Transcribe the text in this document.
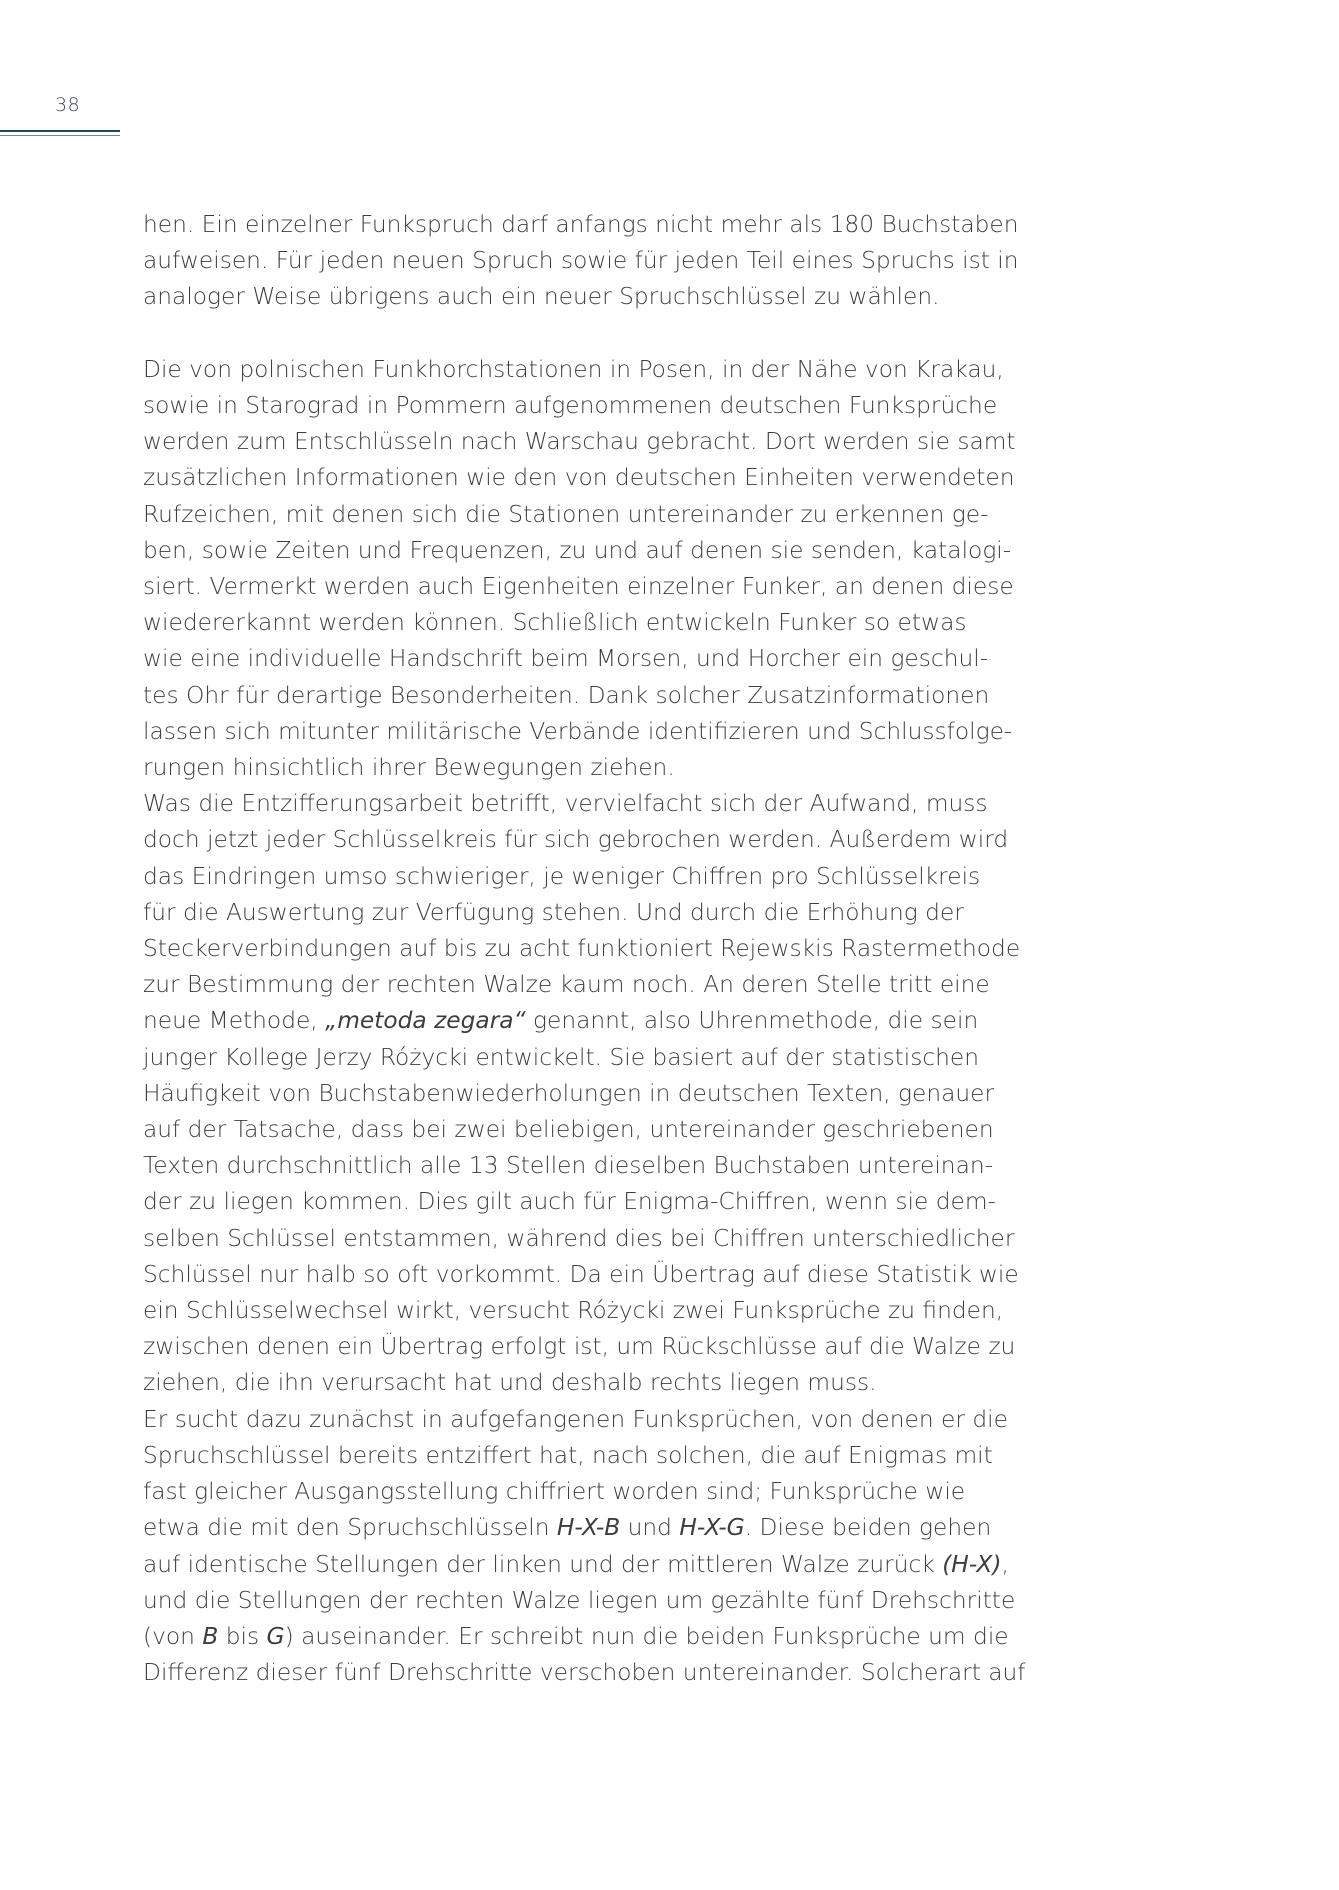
38
hen. Ein einzelner Funkspruch darf anfangs nicht mehr als 180 Buchstaben
aufweisen. Für jeden neuen Spruch sowie für jeden Teil eines Spruchs ist in
analoger Weise übrigens auch ein neuer Spruchschlüssel zu wählen.
Die von polnischen Funkhorchstationen in Posen, in der Nähe von Krakau,
sowie in Starograd in Pommern aufgenommenen deutschen Funksprüche
werden zum Entschlüsseln nach Warschau gebracht. Dort werden sie samt
zusätzlichen Informationen wie den von deutschen Einheiten verwendeten
Rufzeichen, mit denen sich die Stationen untereinander zu erkennen ge-
ben, sowie Zeiten und Frequenzen, zu und auf denen sie senden, katalogi-
siert. Vermerkt werden auch Eigenheiten einzelner Funker, an denen diese
wiedererkannt werden können. Schließlich entwickeln Funker so etwas
wie eine individuelle Handschrift beim Morsen, und Horcher ein geschul-
tes Ohr für derartige Besonderheiten. Dank solcher Zusatzinformationen
lassen sich mitunter militärische Verbände identifizieren und Schlussfolge-
rungen hinsichtlich ihrer Bewegungen ziehen.
Was die Entzifferungsarbeit betrifft, vervielfacht sich der Aufwand, muss
doch jetzt jeder Schlüsselkreis für sich gebrochen werden. Außerdem wird
das Eindringen umso schwieriger, je weniger Chiffren pro Schlüsselkreis
für die Auswertung zur Verfügung stehen. Und durch die Erhöhung der
Steckerverbindungen auf bis zu acht funktioniert Rejewskis Rastermethode
zur Bestimmung der rechten Walze kaum noch. An deren Stelle tritt eine
neue Methode, „metoda zegara“ genannt, also Uhrenmethode, die sein
junger Kollege Jerzy Różycki entwickelt. Sie basiert auf der statistischen
Häufigkeit von Buchstabenwiederholungen in deutschen Texten, genauer
auf der Tatsache, dass bei zwei beliebigen, untereinander geschriebenen
Texten durchschnittlich alle 13 Stellen dieselben Buchstaben untereinan-
der zu liegen kommen. Dies gilt auch für Enigma-Chiffren, wenn sie dem-
selben Schlüssel entstammen, während dies bei Chiffren unterschiedlicher
Schlüssel nur halb so oft vorkommt. Da ein Übertrag auf diese Statistik wie
ein Schlüsselwechsel wirkt, versucht Różycki zwei Funksprüche zu finden,
zwischen denen ein Übertrag erfolgt ist, um Rückschlüsse auf die Walze zu
ziehen, die ihn verursacht hat und deshalb rechts liegen muss.
Er sucht dazu zunächst in aufgefangenen Funksprüchen, von denen er die
Spruchschlüssel bereits entziffert hat, nach solchen, die auf Enigmas mit
fast gleicher Ausgangsstellung chiffriert worden sind; Funksprüche wie
etwa die mit den Spruchschlüsseln H-X-B und H-X-G. Diese beiden gehen
auf identische Stellungen der linken und der mittleren Walze zurück (H-X),
und die Stellungen der rechten Walze liegen um gezählte fünf Drehschritte
(von B bis G) auseinander. Er schreibt nun die beiden Funksprüche um die
Differenz dieser fünf Drehschritte verschoben untereinander. Solcherart auf
